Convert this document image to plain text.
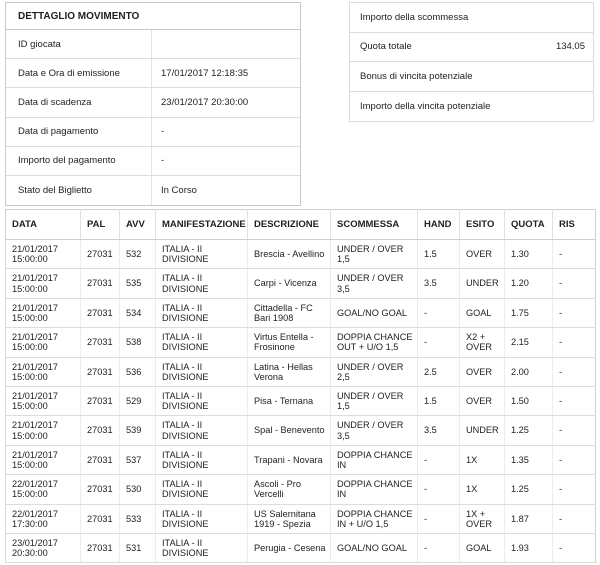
DETTAGLIO MOVIMENTO
ID giocata
Data e Ora di emissione	17/01/2017 12:18:35
Data di scadenza	23/01/2017 20:30:00
Data di pagamento	-
Importo del pagamento	-
Stato del Biglietto	In Corso
Importo della scommessa
Quota totale	134.05
Bonus di vincita potenziale
Importo della vincita potenziale
DATA	PAL	AVV	MANIFESTAZIONE	DESCRIZIONE	SCOMMESSA	HAND	ESITO	QUOTA	RIS
21/01/2017 15:00:00	27031	532	ITALIA - II DIVISIONE	Brescia - Avellino	UNDER / OVER 1,5	1.5	OVER	1.30	-
21/01/2017 15:00:00	27031	535	ITALIA - II DIVISIONE	Carpi - Vicenza	UNDER / OVER 3,5	3.5	UNDER	1.20	-
21/01/2017 15:00:00	27031	534	ITALIA - II DIVISIONE	Cittadella - FC Bari 1908	GOAL/NO GOAL	-	GOAL	1.75	-
21/01/2017 15:00:00	27031	538	ITALIA - II DIVISIONE	Virtus Entella - Frosinone	DOPPIA CHANCE OUT + U/O 1,5	-	X2 + OVER	2.15	-
21/01/2017 15:00:00	27031	536	ITALIA - II DIVISIONE	Latina - Hellas Verona	UNDER / OVER 2,5	2.5	OVER	2.00	-
21/01/2017 15:00:00	27031	529	ITALIA - II DIVISIONE	Pisa - Ternana	UNDER / OVER 1,5	1.5	OVER	1.50	-
21/01/2017 15:00:00	27031	539	ITALIA - II DIVISIONE	Spal - Benevento	UNDER / OVER 3,5	3.5	UNDER	1.25	-
21/01/2017 15:00:00	27031	537	ITALIA - II DIVISIONE	Trapani - Novara	DOPPIA CHANCE IN	-	1X	1.35	-
22/01/2017 15:00:00	27031	530	ITALIA - II DIVISIONE	Ascoli - Pro Vercelli	DOPPIA CHANCE IN	-	1X	1.25	-
22/01/2017 17:30:00	27031	533	ITALIA - II DIVISIONE	US Salernitana 1919 - Spezia	DOPPIA CHANCE IN + U/O 1,5	-	1X + OVER	1.87	-
23/01/2017 20:30:00	27031	531	ITALIA - II DIVISIONE	Perugia - Cesena	GOAL/NO GOAL	-	GOAL	1.93	-
